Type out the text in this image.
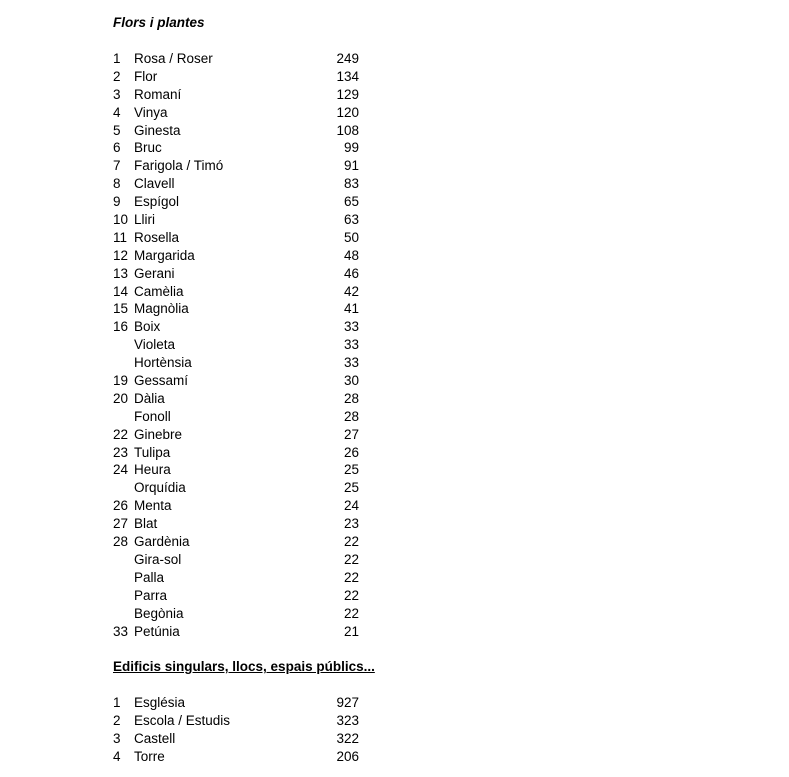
Flors i plantes
1 Rosa / Roser	249
2 Flor	134
3 Romaní	129
4 Vinya	120
5 Ginesta	108
6 Bruc	99
7 Farigola / Timó	91
8 Clavell	83
9 Espígol	65
10 Lliri	63
11 Rosella	50
12 Margarida	48
13 Gerani	46
14 Camèlia	42
15 Magnòlia	41
16 Boix	33
Violeta	33
Hortènsia	33
19 Gessamí	30
20 Dàlia	28
Fonoll	28
22 Ginebre	27
23 Tulipa	26
24 Heura	25
Orquídia	25
26 Menta	24
27 Blat	23
28 Gardènia	22
Gira-sol	22
Palla	22
Parra	22
Begònia	22
33 Petúnia	21
Edificis singulars, llocs, espais públics...
1 Església	927
2 Escola / Estudis	323
3 Castell	322
4 Torre	206
